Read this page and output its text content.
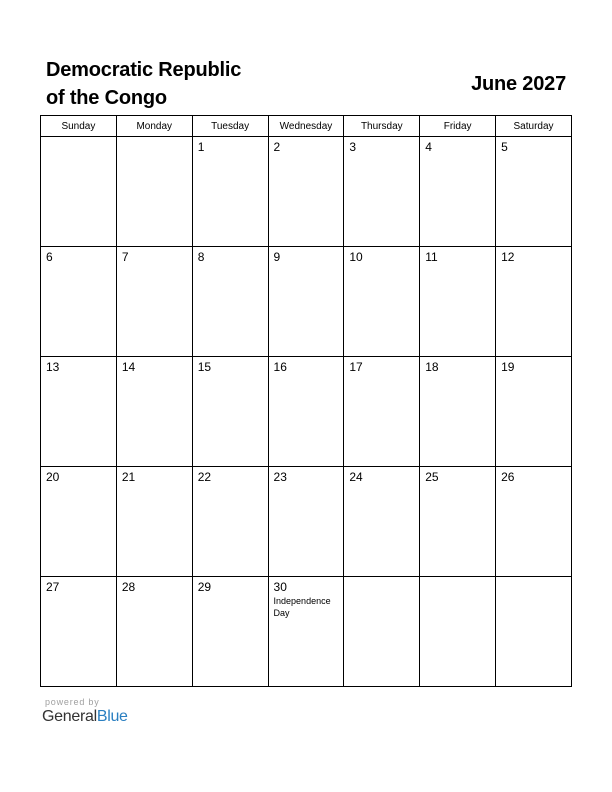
Democratic Republic
of the Congo
June 2027
Sunday	Monday	Tuesday	Wednesday	Thursday	Friday	Saturday

		1	2	3	4	5

6	7	8	9	10	11	12

13	14	15	16	17	18	19

20	21	22	23	24	25	26

27	28	29	30
Independence Day			

powered by
GeneralBlue
